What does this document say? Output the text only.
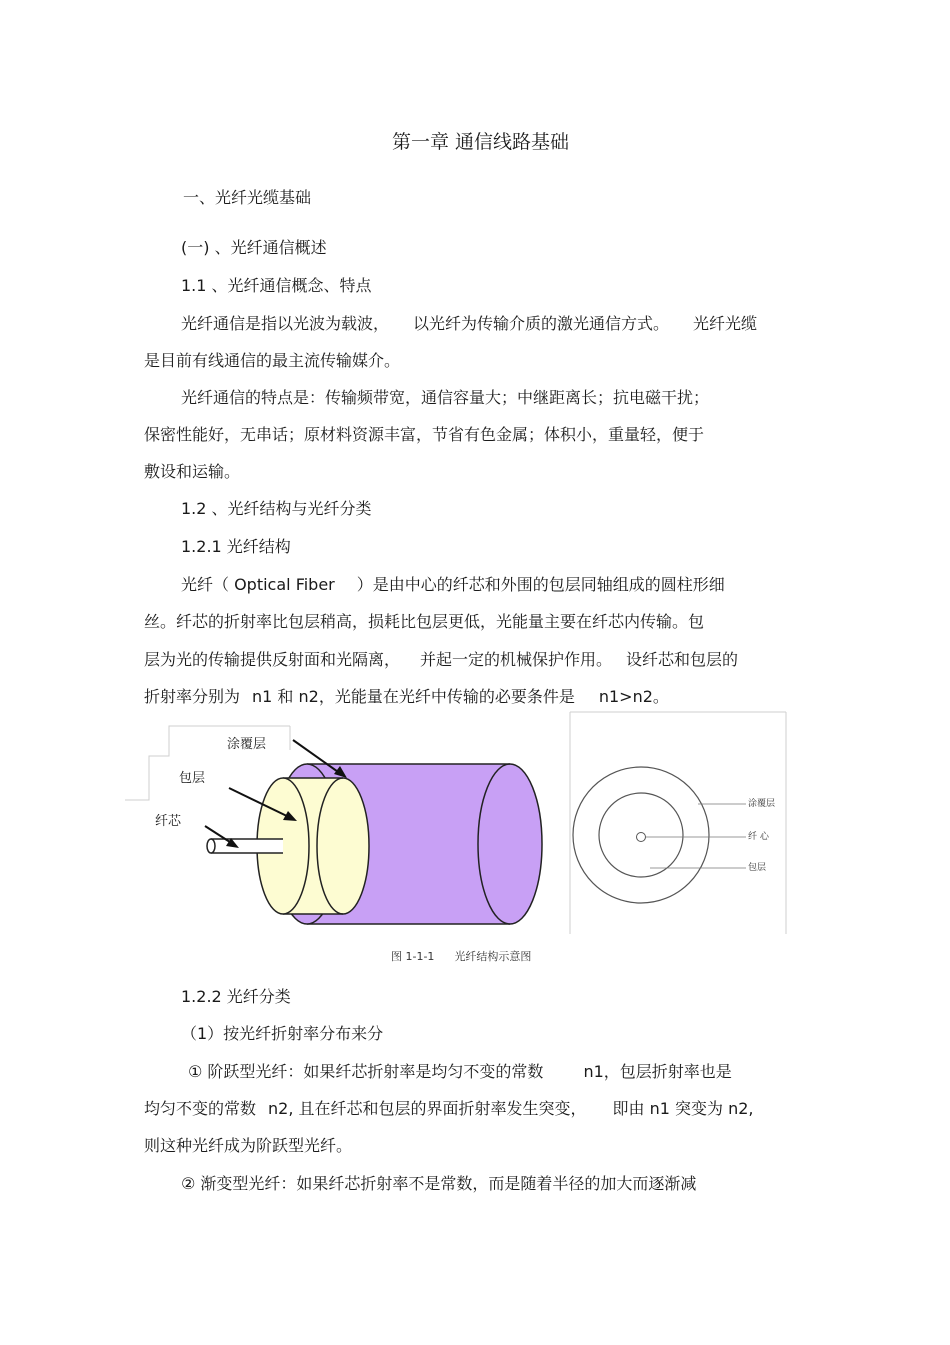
第一章 通信线路基础

一、光纤光缆基础

(一) 、光纤通信概述

1.1 、光纤通信概念、特点

光纤通信是指以光波为载波， 以光纤为传输介质的激光通信方式。 光纤光缆

是目前有线通信的最主流传输媒介。

光纤通信的特点是：传输频带宽，通信容量大；中继距离长；抗电磁干扰；

保密性能好，无串话；原材料资源丰富，节省有色金属；体积小，重量轻，便于

敷设和运输。

1.2 、光纤结构与光纤分类

1.2.1 光纤结构

光纤（ Optical Fiber ）是由中心的纤芯和外围的包层同轴组成的圆柱形细

丝。纤芯的折射率比包层稍高，损耗比包层更低，光能量主要在纤芯内传输。包

层为光的传输提供反射面和光隔离， 并起一定的机械保护作用。 设纤芯和包层的
折射率分别为 n1 和 n2，光能量在光纤中传输的必要条件是 n1>n2。
涂覆层
包层
纤芯
涂覆层
纤 心
包层
图 1-1-1 光纤结构示意图

1.2.2 光纤分类

（1）按光纤折射率分布来分

① 阶跃型光纤：如果纤芯折射率是均匀不变的常数	n1，包层折射率也是
均匀不变的常数 n2, 且在纤芯和包层的界面折射率发生突变， 即由 n1 突变为 n2,

则这种光纤成为阶跃型光纤。

② 渐变型光纤：如果纤芯折射率不是常数，而是随着半径的加大而逐渐减
